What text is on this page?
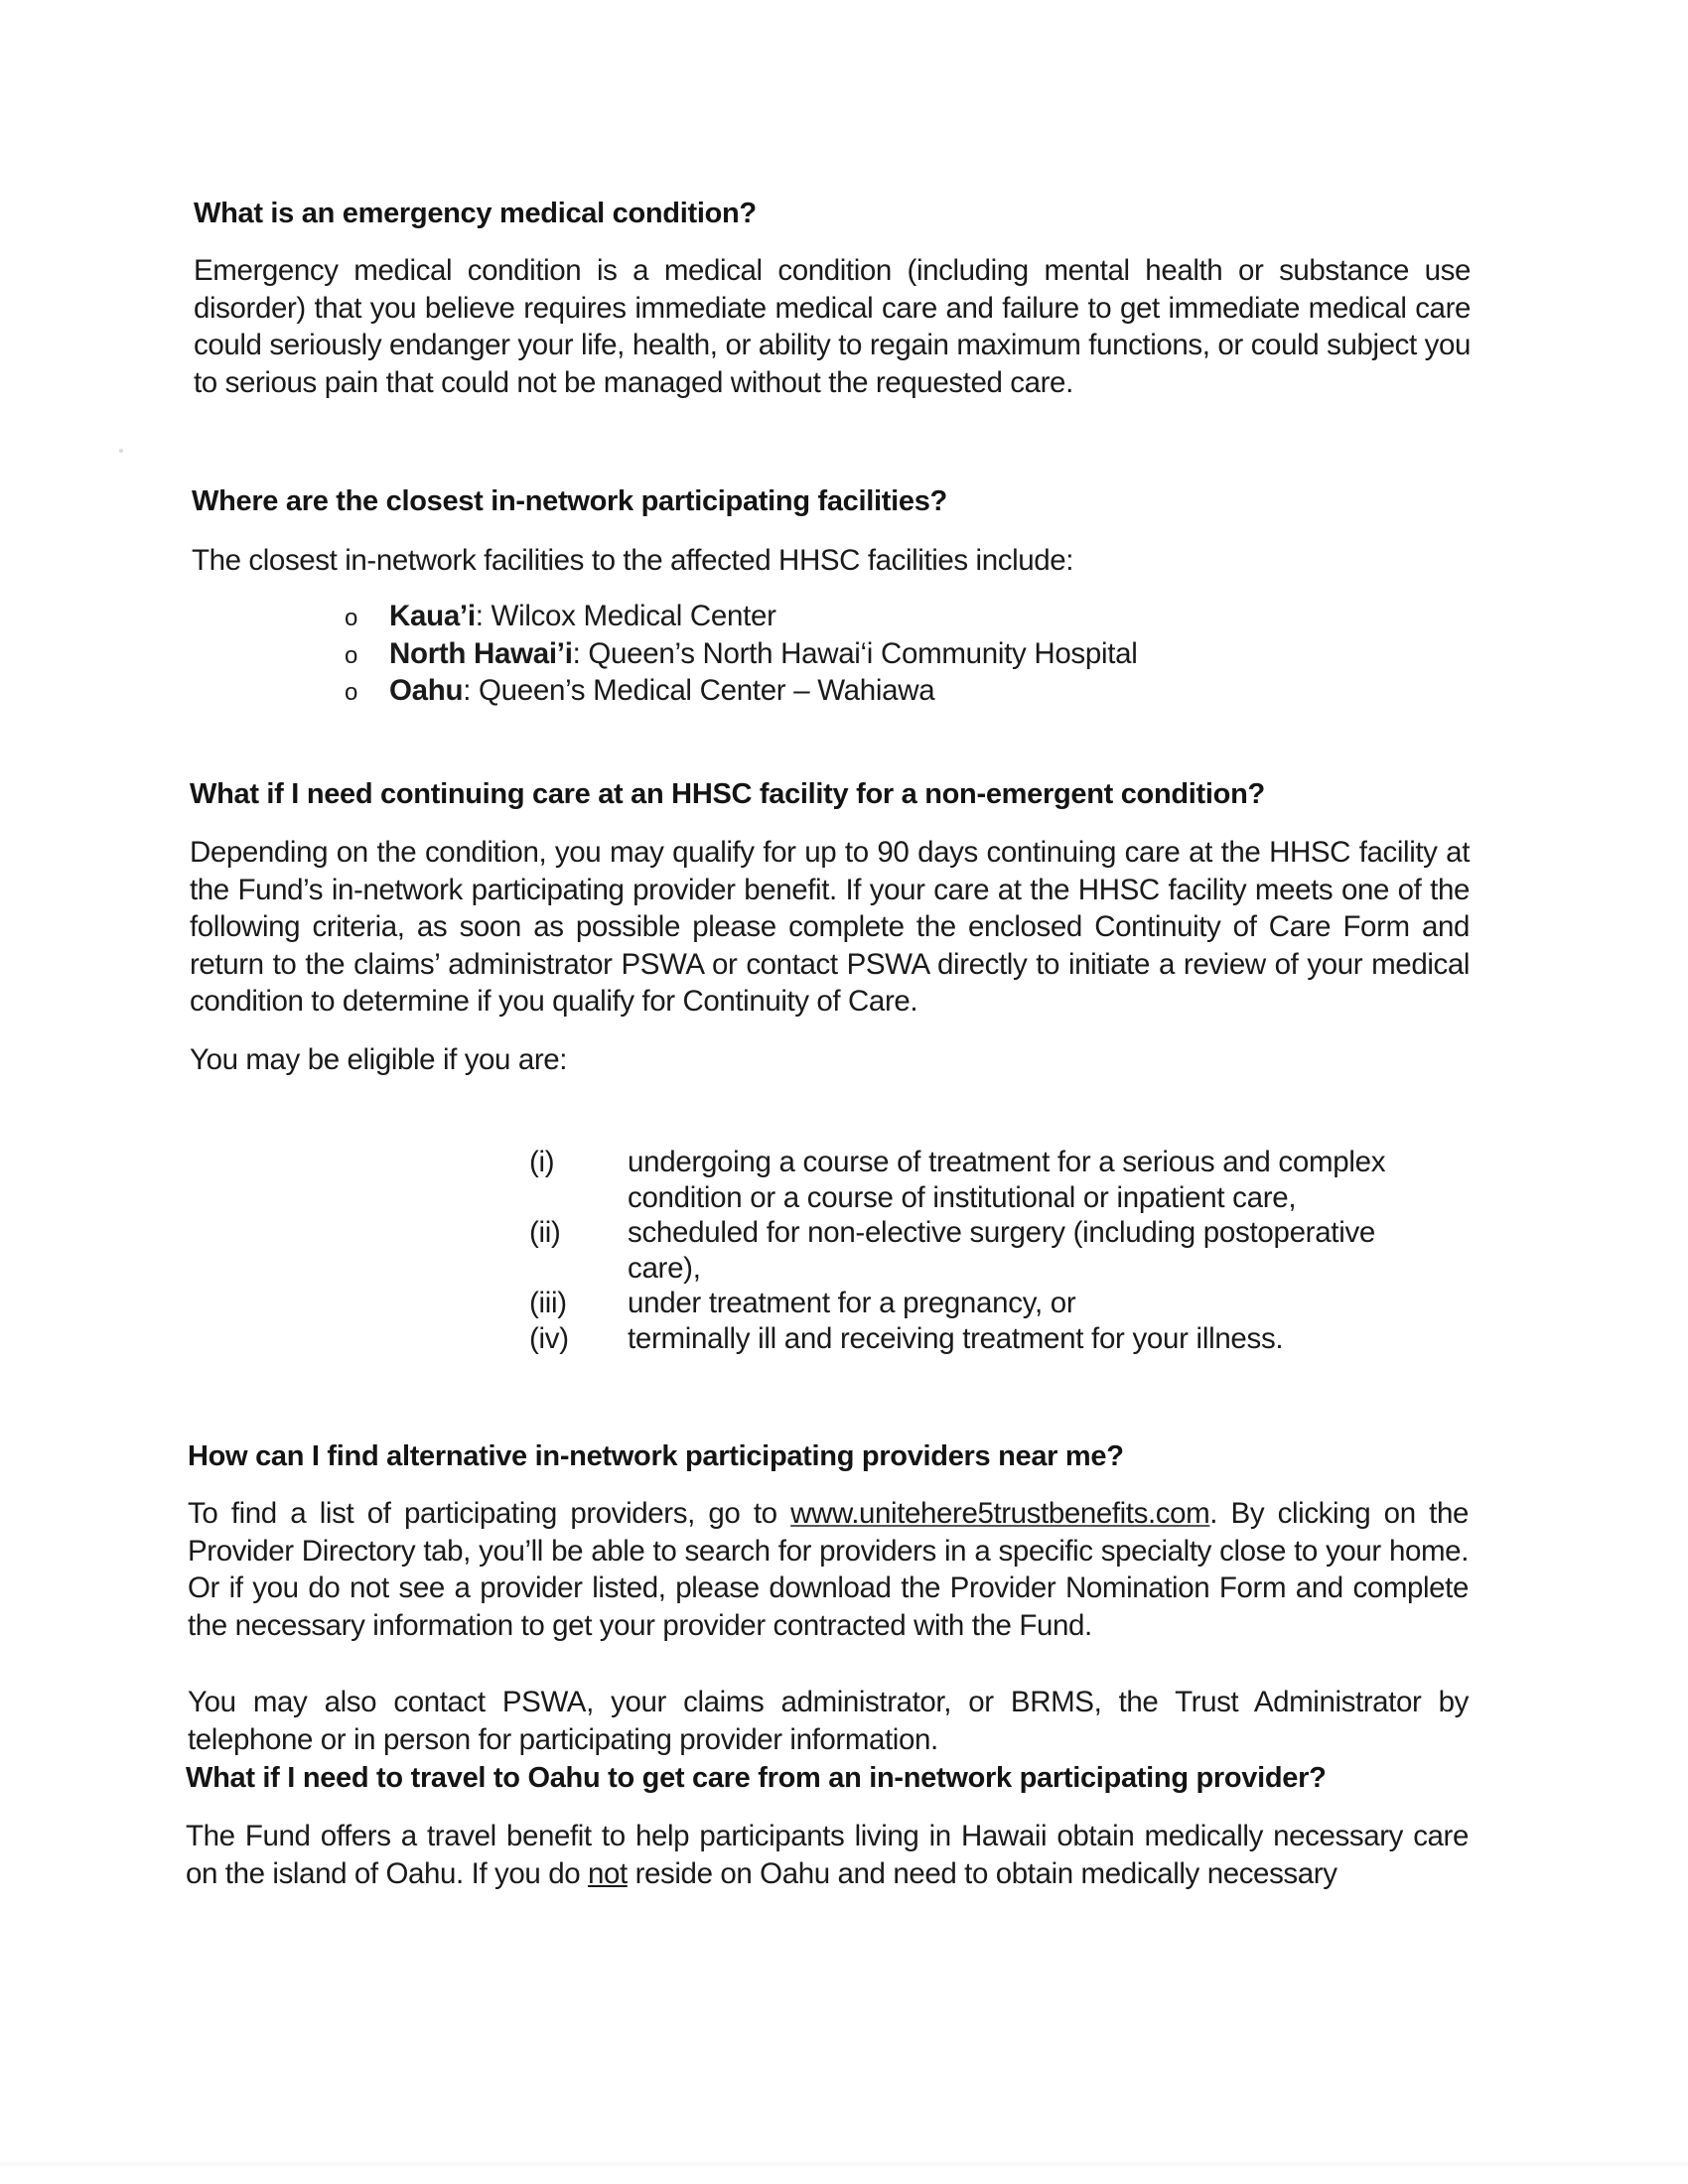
What is an emergency medical condition?
Emergency medical condition is a medical condition (including mental health or substance use disorder) that you believe requires immediate medical care and failure to get immediate medical care could seriously endanger your life, health, or ability to regain maximum functions, or could subject you to serious pain that could not be managed without the requested care.
Where are the closest in-network participating facilities?
The closest in-network facilities to the affected HHSC facilities include:
o	Kaua’i : Wilcox Medical Center
o	North Hawai’i : Queen’s North Hawai‘i Community Hospital
o	Oahu : Queen’s Medical Center – Wahiawa
What if I need continuing care at an HHSC facility for a non-emergent condition?
Depending on the condition, you may qualify for up to 90 days continuing care at the HHSC facility at the Fund’s in-network participating provider benefit. If your care at the HHSC facility meets one of the following criteria, as soon as possible please complete the enclosed Continuity of Care Form and return to the claims’ administrator PSWA or contact PSWA directly to initiate a review of your medical condition to determine if you qualify for Continuity of Care.
You may be eligible if you are:
(i)	undergoing a course of treatment for a serious and complex condition or a course of institutional or inpatient care,
(ii)	scheduled for non-elective surgery (including postoperative care),
(iii)	under treatment for a pregnancy, or
(iv)	terminally ill and receiving treatment for your illness.
How can I find alternative in-network participating providers near me?
To find a list of participating providers, go to www.unitehere5trustbenefits.com. By clicking on the Provider Directory tab, you’ll be able to search for providers in a specific specialty close to your home. Or if you do not see a provider listed, please download the Provider Nomination Form and complete the necessary information to get your provider contracted with the Fund.
You may also contact PSWA, your claims administrator, or BRMS, the Trust Administrator by telephone or in person for participating provider information.
What if I need to travel to Oahu to get care from an in-network participating provider?
The Fund offers a travel benefit to help participants living in Hawaii obtain medically necessary care on the island of Oahu. If you do not reside on Oahu and need to obtain medically necessary
